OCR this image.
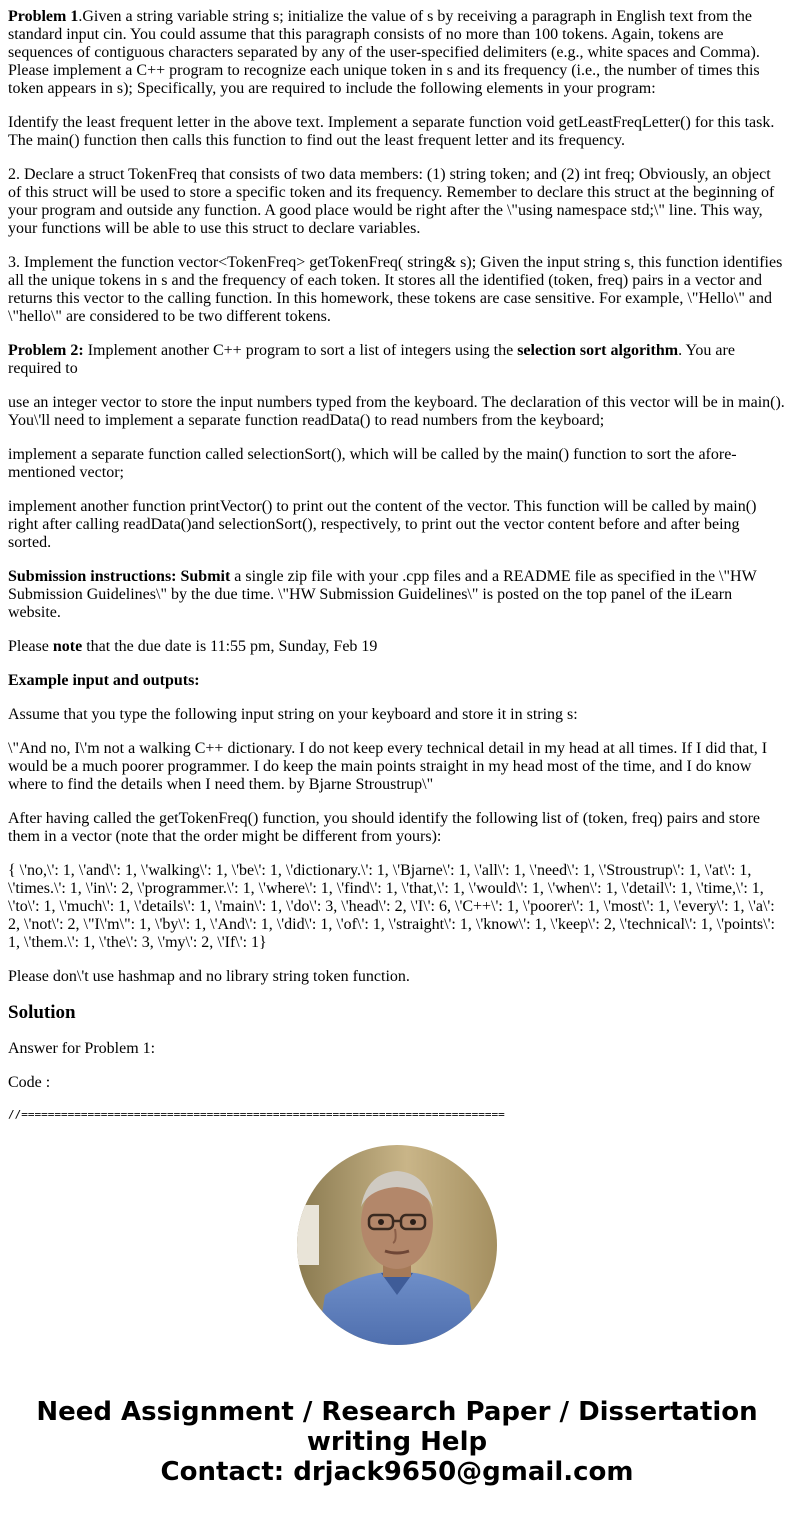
Problem 1.Given a string variable string s; initialize the value of s by receiving a paragraph in English text from the standard input cin. You could assume that this paragraph consists of no more than 100 tokens. Again, tokens are sequences of contiguous characters separated by any of the user-specified delimiters (e.g., white spaces and Comma). Please implement a C++ program to recognize each unique token in s and its frequency (i.e., the number of times this token appears in s); Specifically, you are required to include the following elements in your program:

Identify the least frequent letter in the above text. Implement a separate function void getLeastFreqLetter() for this task. The main() function then calls this function to find out the least frequent letter and its frequency.

2. Declare a struct TokenFreq that consists of two data members: (1) string token; and (2) int freq; Obviously, an object of this struct will be used to store a specific token and its frequency. Remember to declare this struct at the beginning of your program and outside any function. A good place would be right after the \"using namespace std;\" line. This way, your functions will be able to use this struct to declare variables.

3. Implement the function vector<TokenFreq> getTokenFreq( string& s); Given the input string s, this function identifies all the unique tokens in s and the frequency of each token. It stores all the identified (token, freq) pairs in a vector and returns this vector to the calling function. In this homework, these tokens are case sensitive. For example, \"Hello\" and \"hello\" are considered to be two different tokens.

Problem 2: Implement another C++ program to sort a list of integers using the selection sort algorithm. You are required to

use an integer vector to store the input numbers typed from the keyboard. The declaration of this vector will be in main(). You\'ll need to implement a separate function readData() to read numbers from the keyboard;

implement a separate function called selectionSort(), which will be called by the main() function to sort the afore-mentioned vector;

implement another function printVector() to print out the content of the vector. This function will be called by main() right after calling readData()and selectionSort(), respectively, to print out the vector content before and after being sorted.

Submission instructions: Submit a single zip file with your .cpp files and a README file as specified in the \"HW Submission Guidelines\" by the due time. \"HW Submission Guidelines\" is posted on the top panel of the iLearn website.

Please note that the due date is 11:55 pm, Sunday, Feb 19

Example input and outputs:

Assume that you type the following input string on your keyboard and store it in string s:

\"And no, I\'m not a walking C++ dictionary. I do not keep every technical detail in my head at all times. If I did that, I would be a much poorer programmer. I do keep the main points straight in my head most of the time, and I do know where to find the details when I need them. by Bjarne Stroustrup\"

After having called the getTokenFreq() function, you should identify the following list of (token, freq) pairs and store them in a vector (note that the order might be different from yours):

{ \'no,\': 1, \'and\': 1, \'walking\': 1, \'be\': 1, \'dictionary.\': 1, \'Bjarne\': 1, \'all\': 1, \'need\': 1, \'Stroustrup\': 1, \'at\': 1, \'times.\': 1, \'in\': 2, \'programmer.\': 1, \'where\': 1, \'find\': 1, \'that,\': 1, \'would\': 1, \'when\': 1, \'detail\': 1, \'time,\': 1, \'to\': 1, \'much\': 1, \'details\': 1, \'main\': 1, \'do\': 3, \'head\': 2, \'I\': 6, \'C++\': 1, \'poorer\': 1, \'most\': 1, \'every\': 1, \'a\': 2, \'not\': 2, \"I\'m\": 1, \'by\': 1, \'And\': 1, \'did\': 1, \'of\': 1, \'straight\': 1, \'know\': 1, \'keep\': 2, \'technical\': 1, \'points\': 1, \'them.\': 1, \'the\': 3, \'my\': 2, \'If\': 1}

Please don\'t use hashmap and no library string token function.

Solution

Answer for Problem 1:

Code :

//=========================================================================
Need Assignment / Research Paper / Dissertation
writing Help
Contact: drjack9650@gmail.com
